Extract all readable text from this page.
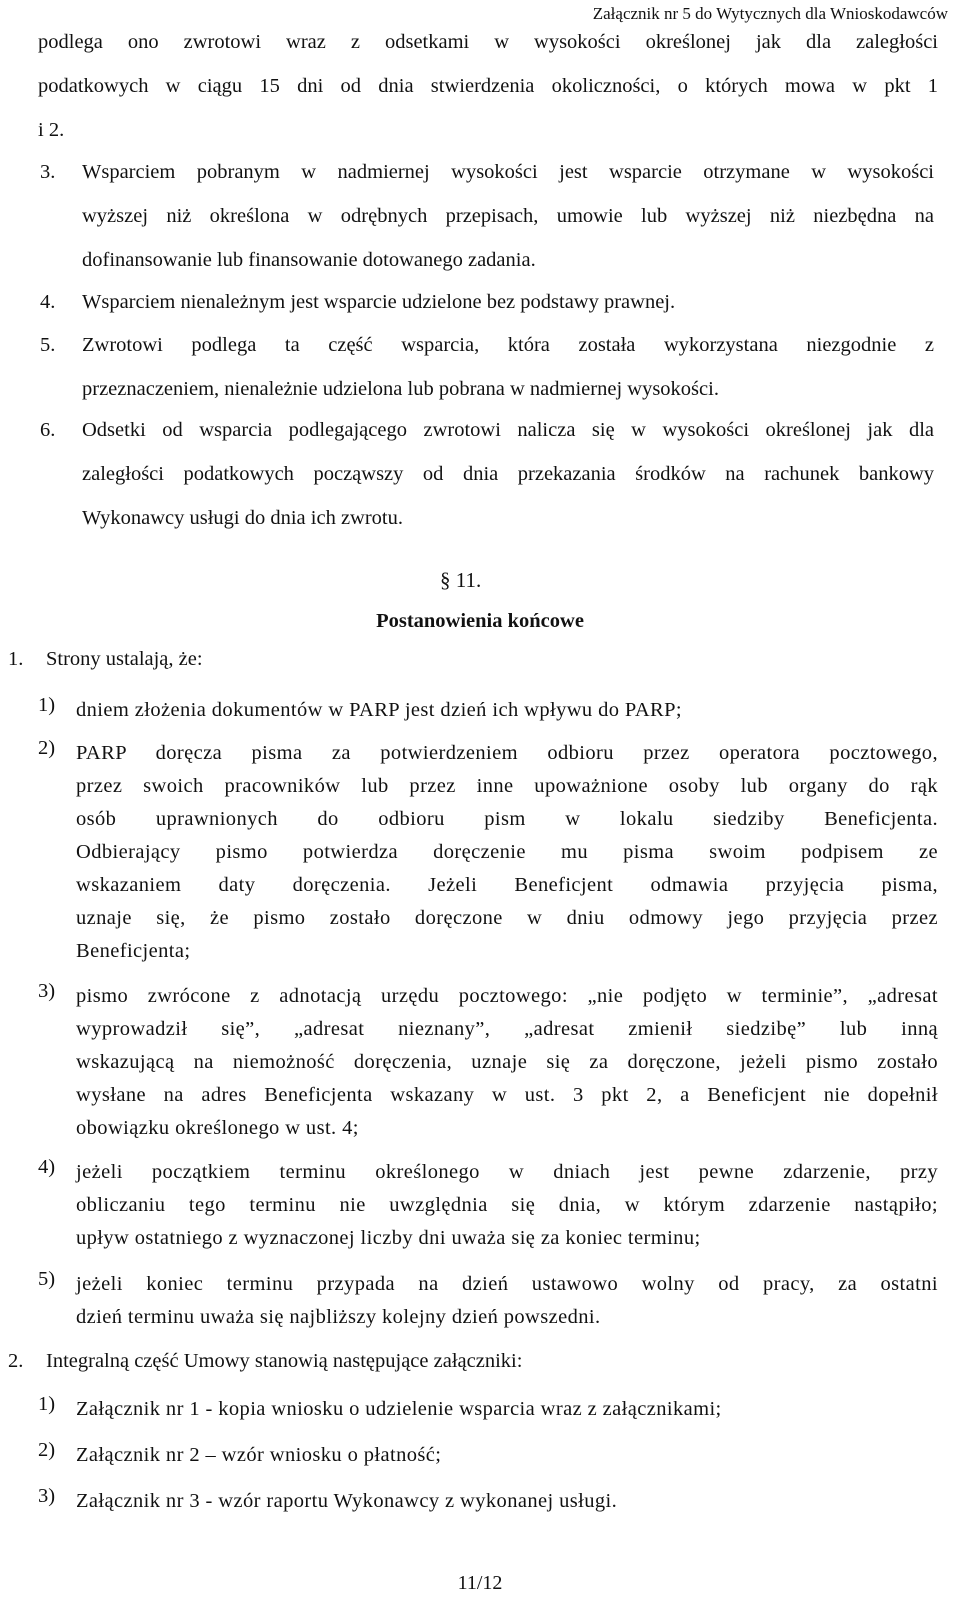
Załącznik nr 5 do Wytycznych dla Wnioskodawców
podlega ono zwrotowi wraz z odsetkami w wysokości określonej jak dla zaległości
podatkowych w ciągu 15 dni od dnia stwierdzenia okoliczności, o których mowa w pkt 1
i 2.
3. Wsparciem pobranym w nadmiernej wysokości jest wsparcie otrzymane w wysokości
wyższej niż określona w odrębnych przepisach, umowie lub wyższej niż niezbędna na
dofinansowanie lub finansowanie dotowanego zadania.
4. Wsparciem nienależnym jest wsparcie udzielone bez podstawy prawnej.
5. Zwrotowi podlega ta część wsparcia, która została wykorzystana niezgodnie z
przeznaczeniem, nienależnie udzielona lub pobrana w nadmiernej wysokości.
6. Odsetki od wsparcia podlegającego zwrotowi nalicza się w wysokości określonej jak dla
zaległości podatkowych począwszy od dnia przekazania środków na rachunek bankowy
Wykonawcy usługi do dnia ich zwrotu.
§ 11.
Postanowienia końcowe
1. Strony ustalają, że:
1) dniem złożenia dokumentów w PARP jest dzień ich wpływu do PARP;
2) PARP doręcza pisma za potwierdzeniem odbioru przez operatora pocztowego,
przez swoich pracowników lub przez inne upoważnione osoby lub organy do rąk
osób uprawnionych do odbioru pism w lokalu siedziby Beneficjenta.
Odbierający pismo potwierdza doręczenie mu pisma swoim podpisem ze
wskazaniem daty doręczenia. Jeżeli Beneficjent odmawia przyjęcia pisma,
uznaje się, że pismo zostało doręczone w dniu odmowy jego przyjęcia przez
Beneficjenta;
3) pismo zwrócone z adnotacją urzędu pocztowego: „nie podjęto w terminie”, „adresat
wyprowadził się”, „adresat nieznany”, „adresat zmienił siedzibę” lub inną
wskazującą na niemożność doręczenia, uznaje się za doręczone, jeżeli pismo zostało
wysłane na adres Beneficjenta wskazany w ust. 3 pkt 2, a Beneficjent nie dopełnił
obowiązku określonego w ust. 4;
4) jeżeli początkiem terminu określonego w dniach jest pewne zdarzenie, przy
obliczaniu tego terminu nie uwzględnia się dnia, w którym zdarzenie nastąpiło;
upływ ostatniego z wyznaczonej liczby dni uważa się za koniec terminu;
5) jeżeli koniec terminu przypada na dzień ustawowo wolny od pracy, za ostatni
dzień terminu uważa się najbliższy kolejny dzień powszedni.
2. Integralną część Umowy stanowią następujące załączniki:
1) Załącznik nr 1 - kopia wniosku o udzielenie wsparcia wraz z załącznikami;
2) Załącznik nr 2 – wzór wniosku o płatność;
3) Załącznik nr 3 - wzór raportu Wykonawcy z wykonanej usługi.
11/12
